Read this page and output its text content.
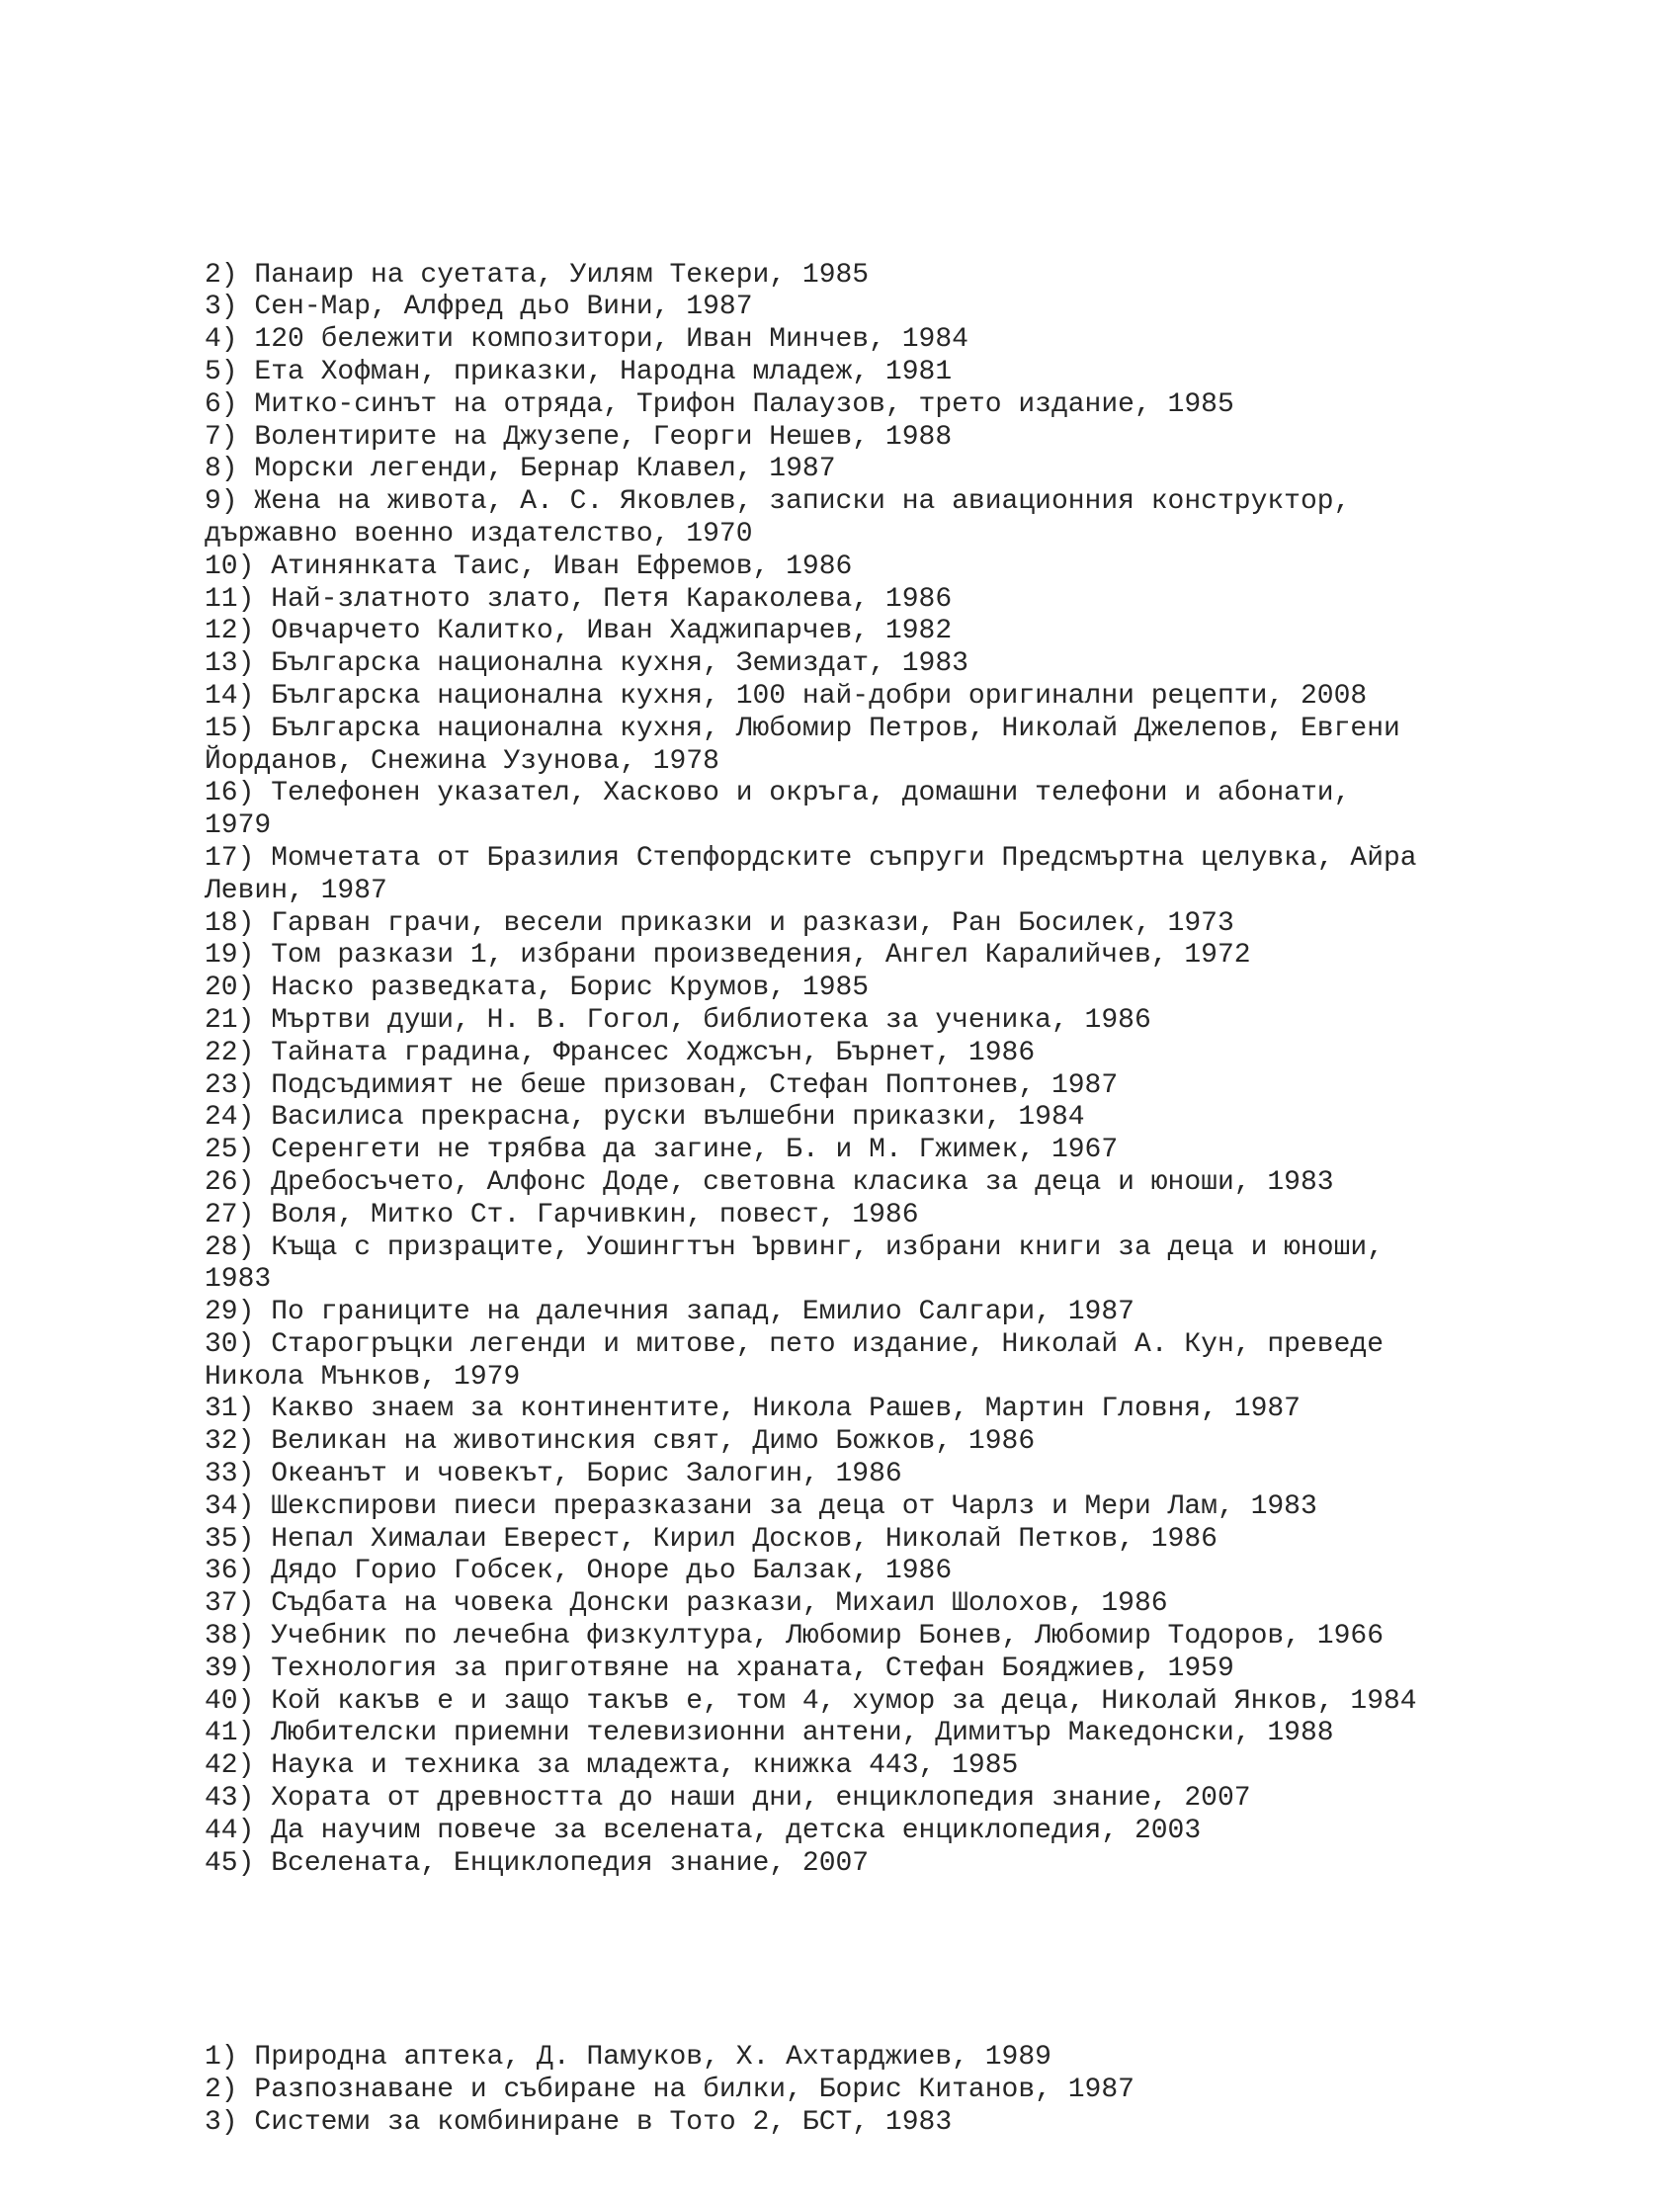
2) Панаир на суетата, Уилям Текери, 1985
3) Сен-Мар, Алфред дьо Вини, 1987
4) 120 бележити композитори, Иван Минчев, 1984
5) Ета Хофман, приказки, Народна младеж, 1981
6) Митко-синът на отряда, Трифон Палаузов, трето издание, 1985
7) Волентирите на Джузепе, Георги Нешев, 1988
8) Морски легенди, Бернар Клавел, 1987
9) Жена на живота, А. С. Яковлев, записки на авиационния конструктор,
държавно военно издателство, 1970
10) Атинянката Таис, Иван Ефремов, 1986
11) Най-златното злато, Петя Караколева, 1986
12) Овчарчето Калитко, Иван Хаджипарчев, 1982
13) Българска национална кухня, Земиздат, 1983
14) Българска национална кухня, 100 най-добри оригинални рецепти, 2008
15) Българска национална кухня, Любомир Петров, Николай Джелепов, Евгени
Йорданов, Снежина Узунова, 1978
16) Телефонен указател, Хасково и окръга, домашни телефони и абонати,
1979
17) Момчетата от Бразилия Степфордските съпруги Предсмъртна целувка, Айра
Левин, 1987
18) Гарван грачи, весели приказки и разкази, Ран Босилек, 1973
19) Том разкази 1, избрани произведения, Ангел Каралийчев, 1972
20) Наско разведката, Борис Крумов, 1985
21) Мъртви души, Н. В. Гогол, библиотека за ученика, 1986
22) Тайната градина, Франсес Ходжсън, Бърнет, 1986
23) Подсъдимият не беше призован, Стефан Поптонев, 1987
24) Василиса прекрасна, руски вълшебни приказки, 1984
25) Серенгети не трябва да загине, Б. и М. Гжимек, 1967
26) Дребосъчето, Алфонс Доде, световна класика за деца и юноши, 1983
27) Воля, Митко Ст. Гарчивкин, повест, 1986
28) Къща с призраците, Уошингтън Ървинг, избрани книги за деца и юноши,
1983
29) По границите на далечния запад, Емилио Салгари, 1987
30) Старогръцки легенди и митове, пето издание, Николай А. Кун, преведе
Никола Мънков, 1979
31) Какво знаем за континентите, Никола Рашев, Мартин Гловня, 1987
32) Великан на животинския свят, Димо Божков, 1986
33) Океанът и човекът, Борис Залогин, 1986
34) Шекспирови пиеси преразказани за деца от Чарлз и Мери Лам, 1983
35) Непал Хималаи Еверест, Кирил Досков, Николай Петков, 1986
36) Дядо Горио Гобсек, Оноре дьо Балзак, 1986
37) Съдбата на човека Донски разкази, Михаил Шолохов, 1986
38) Учебник по лечебна физкултура, Любомир Бонев, Любомир Тодоров, 1966
39) Технология за приготвяне на храната, Стефан Бояджиев, 1959
40) Кой какъв е и защо такъв е, том 4, хумор за деца, Николай Янков, 1984
41) Любителски приемни телевизионни антени, Димитър Македонски, 1988
42) Наука и техника за младежта, книжка 443, 1985
43) Хората от древността до наши дни, енциклопедия знание, 2007
44) Да научим повече за вселената, детска енциклопедия, 2003
45) Вселената, Енциклопедия знание, 2007

1) Природна аптека, Д. Памуков, Х. Ахтарджиев, 1989
2) Разпознаване и събиране на билки, Борис Китанов, 1987
3) Системи за комбиниране в Тото 2, БСТ, 1983
